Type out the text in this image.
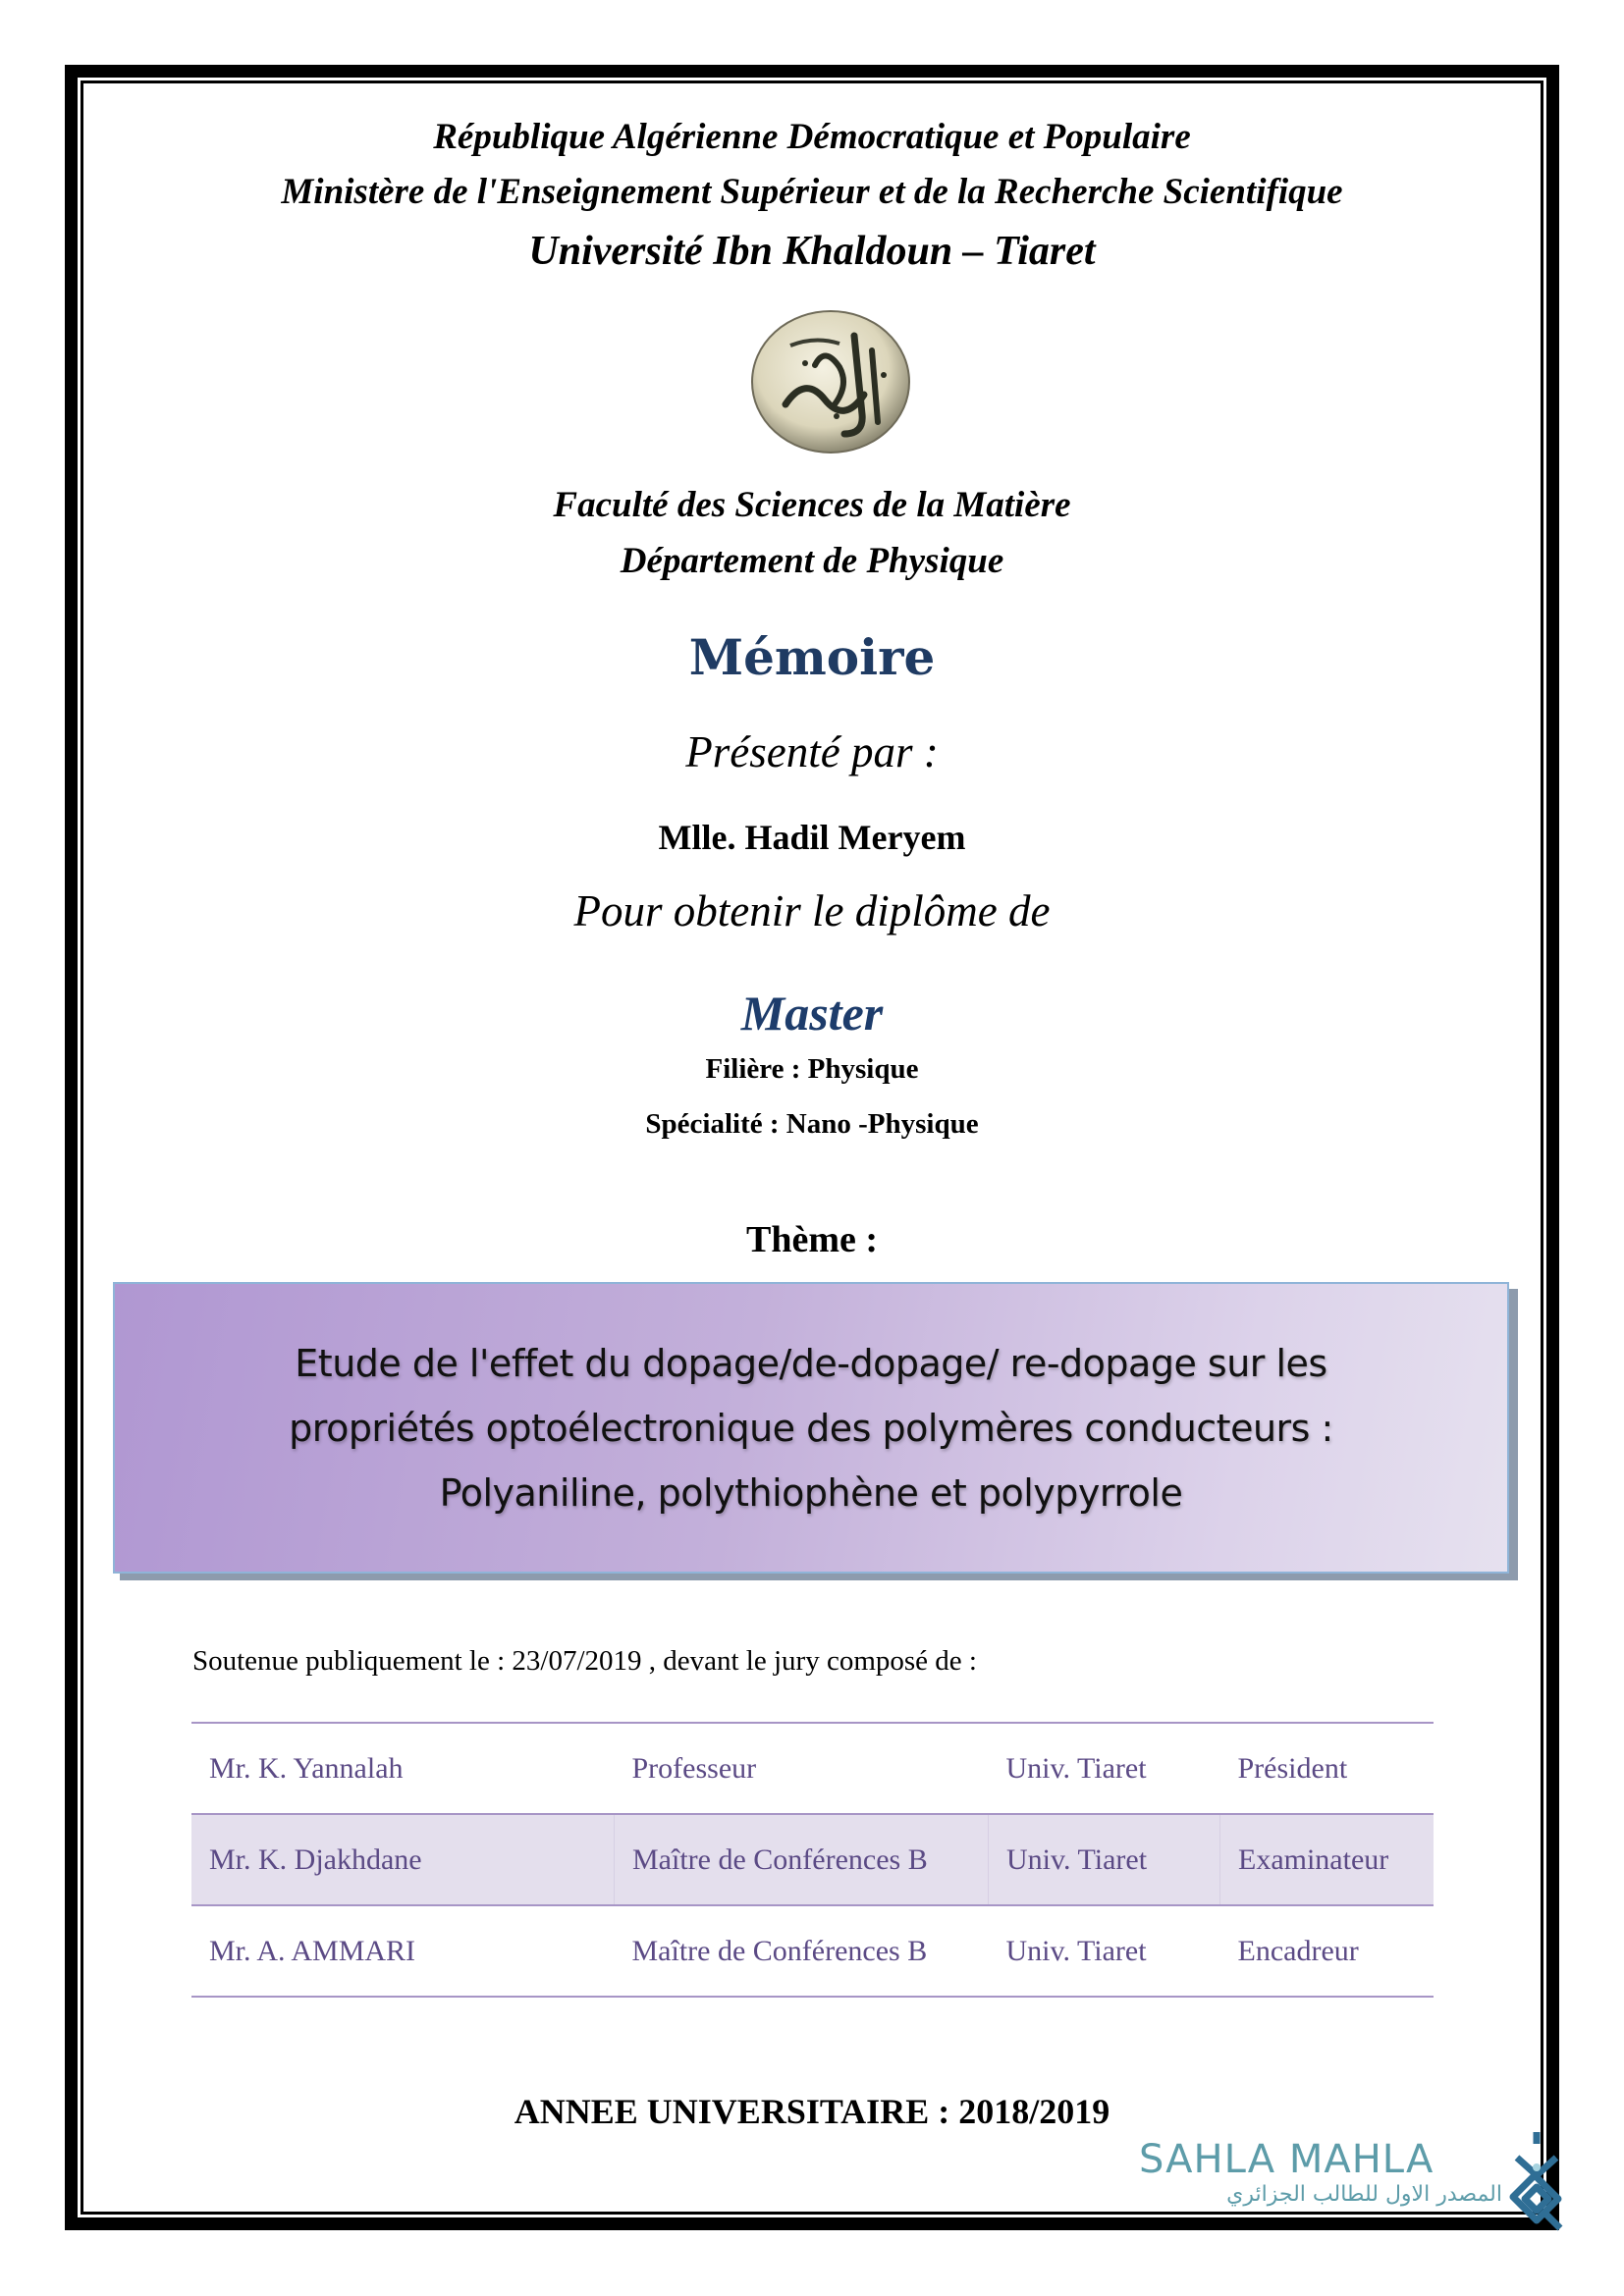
République Algérienne Démocratique et Populaire
Ministère de l'Enseignement Supérieur et de la Recherche Scientifique
Université Ibn Khaldoun – Tiaret
Faculté des Sciences de la Matière
Département de Physique
Mémoire
Présenté par :
Mlle. Hadil Meryem
Pour obtenir le diplôme de
Master
Filière : Physique
Spécialité : Nano -Physique
Thème :
Etude de l'effet du dopage/de-dopage/ re-dopage sur les
propriétés optoélectronique des polymères conducteurs :
Polyaniline, polythiophène et polypyrrole
Soutenue publiquement le : 23/07/2019 , devant le jury composé de :
Mr. K. Yannalah	Professeur	Univ. Tiaret	Président
Mr. K. Djakhdane	Maître de Conférences B	Univ. Tiaret	Examinateur
Mr. A. AMMARI	Maître de Conférences B	Univ. Tiaret	Encadreur
ANNEE UNIVERSITAIRE : 2018/2019
SAHLA MAHLA
المصدر الاول للطالب الجزائري
